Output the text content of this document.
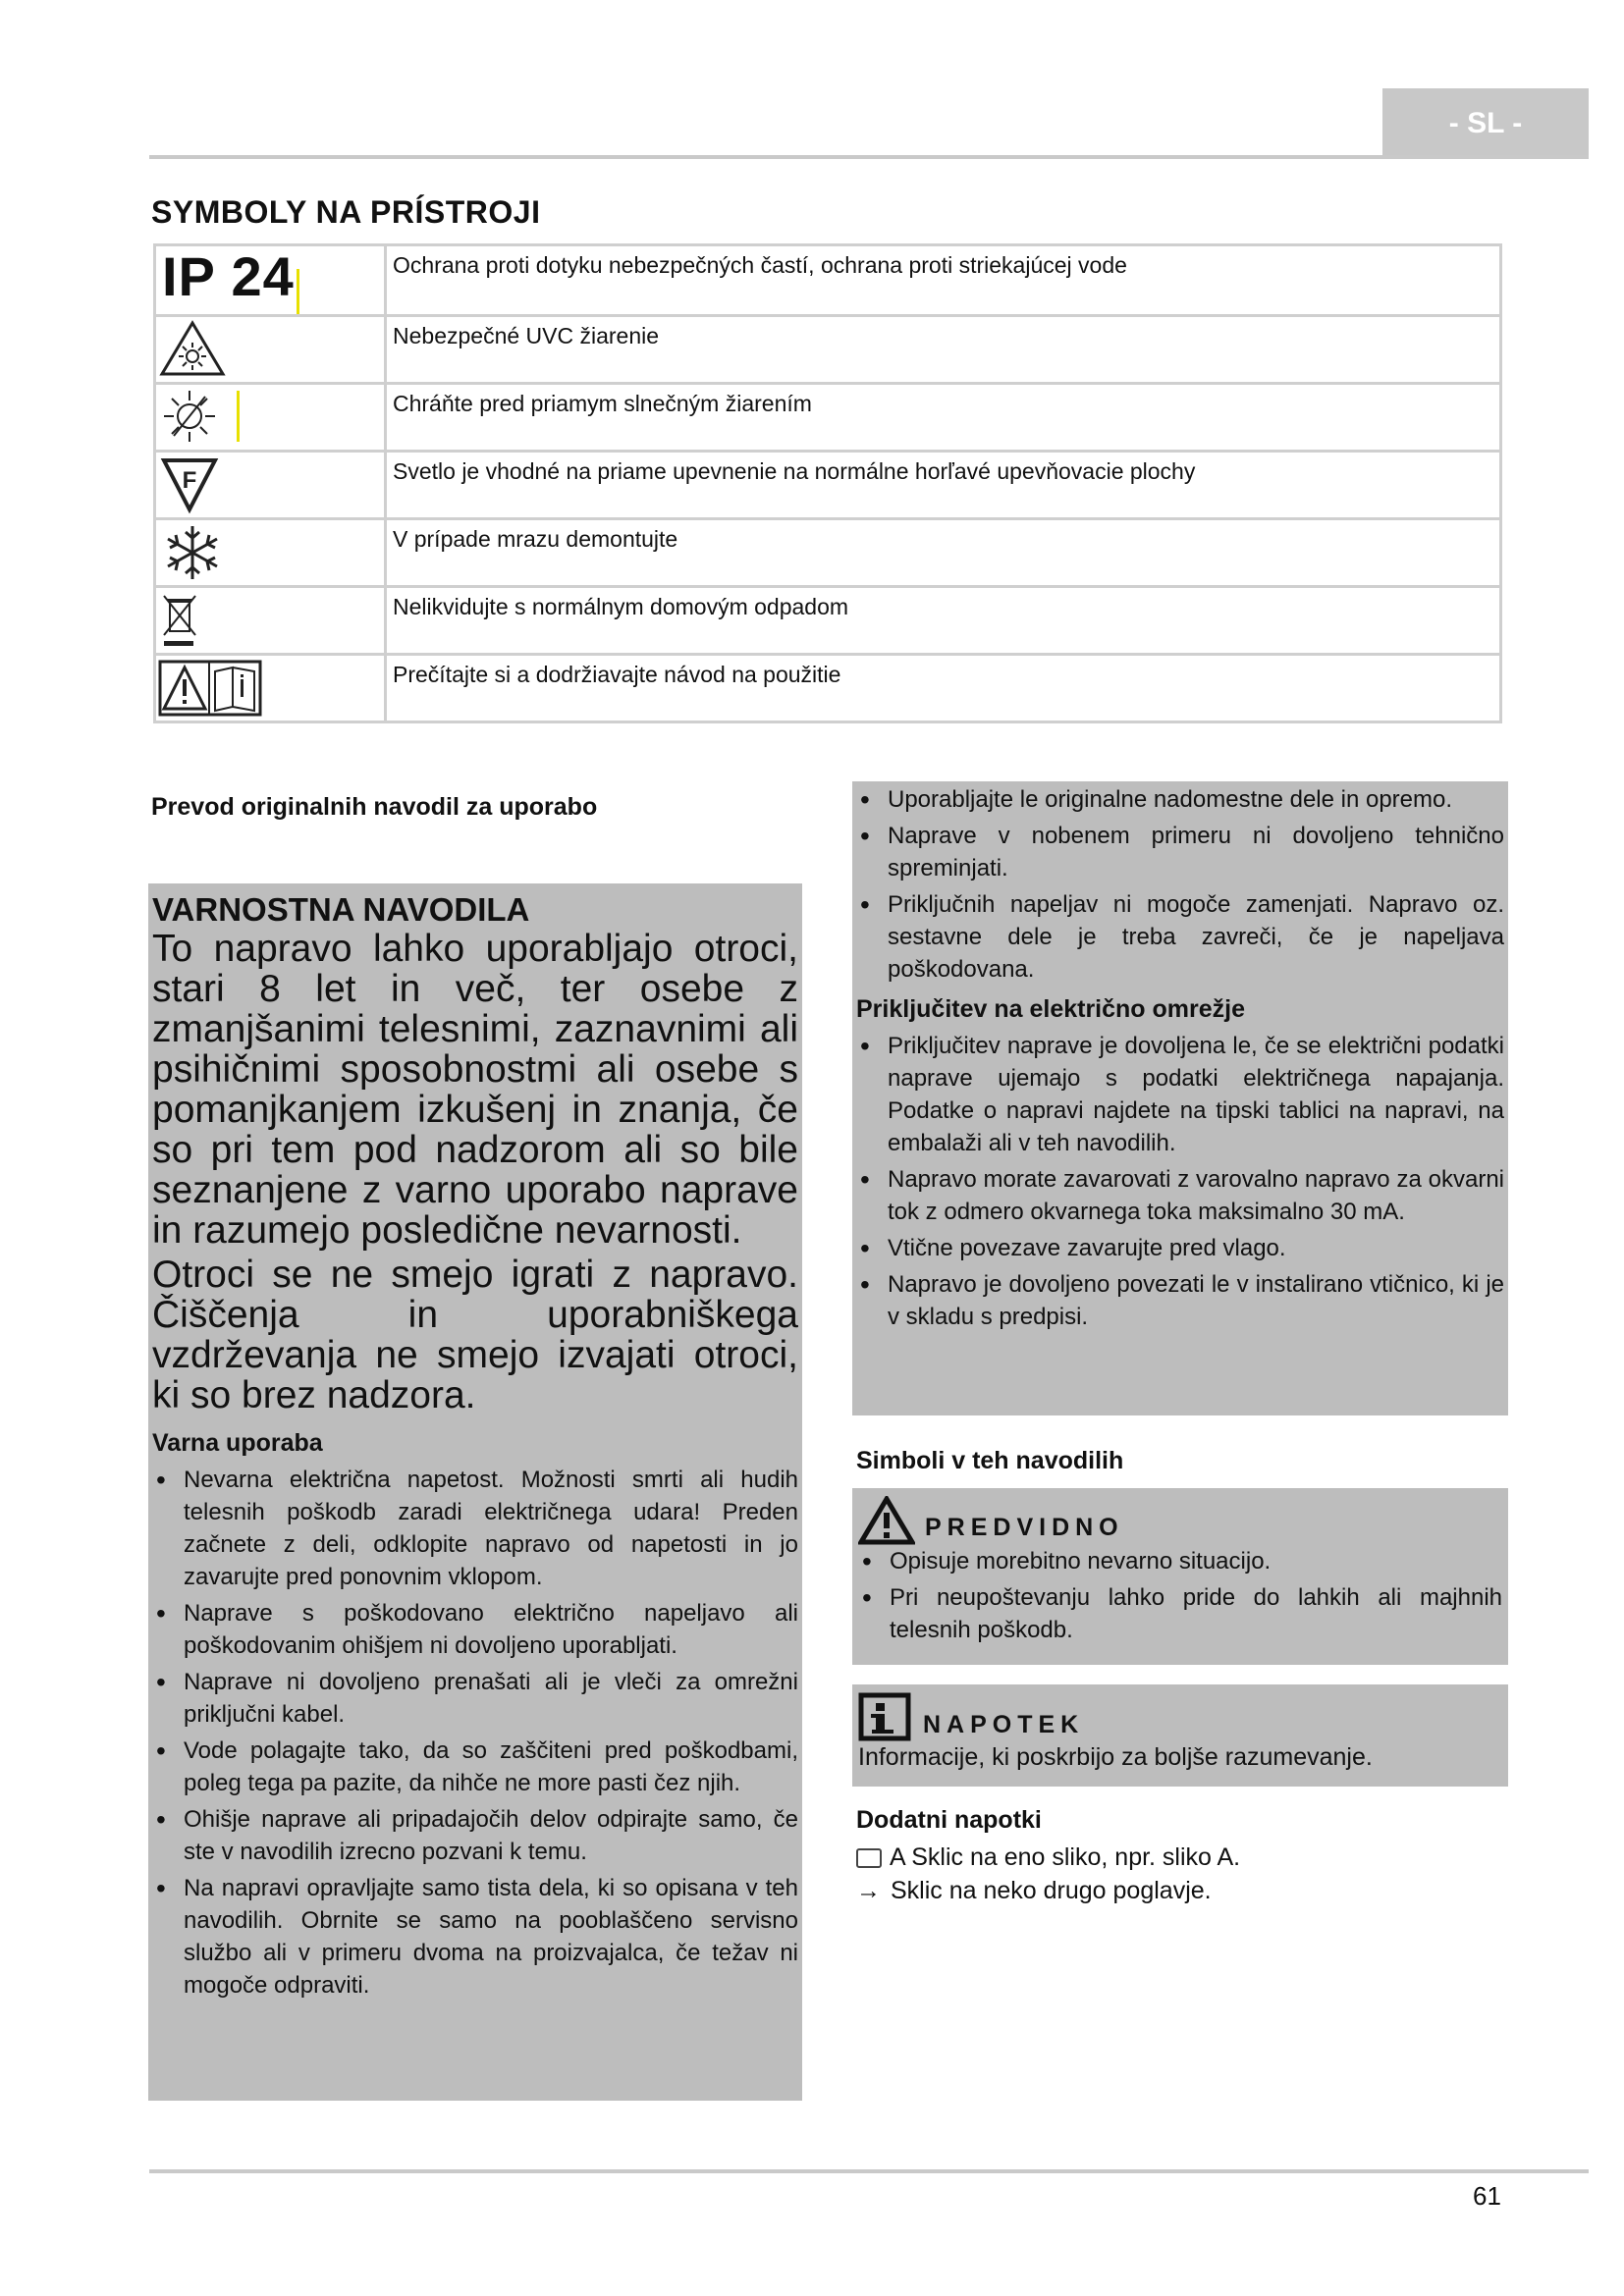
- SL -
SYMBOLY NA PRÍSTROJI
IP 24	Ochrana proti dotyku nebezpečných častí, ochrana proti striekajúcej vode

	Nebezpečné UVC žiarenie

	Chráňte pred priamym slnečným žiarením

F	Svetlo je vhodné na priame upevnenie na normálne horľavé upevňovacie plochy

	V prípade mrazu demontujte

	Nelikvidujte s normálnym domovým odpadom

	Prečítajte si a dodržiavajte návod na použitie
Prevod originalnih navodil za uporabo
VARNOSTNA NAVODILA
To napravo lahko uporabljajo otroci, stari 8 let in več, ter osebe z zmanjšanimi telesnimi, zaznavnimi ali psihičnimi sposobnostmi ali osebe s pomanjkanjem izkušenj in znanja, če so pri tem pod nadzorom ali so bile seznanjene z varno uporabo naprave in razumejo posledične nevarnosti.
Otroci se ne smejo igrati z napravo. Čiščenja in uporabniškega vzdrževanja ne smejo izvajati otroci, ki so brez nadzora.
Varna uporaba
• Nevarna električna napetost. Možnosti smrti ali hudih telesnih poškodb zaradi električnega udara! Preden začnete z deli, odklopite napravo od napetosti in jo zavarujte pred ponovnim vklopom.
• Naprave s poškodovano električno napeljavo ali poškodovanim ohišjem ni dovoljeno uporabljati.
• Naprave ni dovoljeno prenašati ali je vleči za omrežni priključni kabel.
• Vode polagajte tako, da so zaščiteni pred poškodbami, poleg tega pa pazite, da nihče ne more pasti čez njih.
• Ohišje naprave ali pripadajočih delov odpirajte samo, če ste v navodilih izrecno pozvani k temu.
• Na napravi opravljajte samo tista dela, ki so opisana v teh navodilih. Obrnite se samo na pooblaščeno servisno službo ali v primeru dvoma na proizvajalca, če težav ni mogoče odpraviti.
• Uporabljajte le originalne nadomestne dele in opremo.
• Naprave v nobenem primeru ni dovoljeno tehnično spreminjati.
• Priključnih napeljav ni mogoče zamenjati. Napravo oz. sestavne dele je treba zavreči, če je napeljava poškodovana.
Priključitev na električno omrežje
• Priključitev naprave je dovoljena le, če se električni podatki naprave ujemajo s podatki električnega napajanja. Podatke o napravi najdete na tipski tablici na napravi, na embalaži ali v teh navodilih.
• Napravo morate zavarovati z varovalno napravo za okvarni tok z odmero okvarnega toka maksimalno 30 mA.
• Vtične povezave zavarujte pred vlago.
• Napravo je dovoljeno povezati le v instalirano vtičnico, ki je v skladu s predpisi.
Simboli v teh navodilih
PREDVIDNO
• Opisuje morebitno nevarno situacijo.
• Pri neupoštevanju lahko pride do lahkih ali majhnih telesnih poškodb.
NAPOTEK
Informacije, ki poskrbijo za boljše razumevanje.
Dodatni napotki
A Sklic na eno sliko, npr. sliko A.
→ Sklic na neko drugo poglavje.
61
